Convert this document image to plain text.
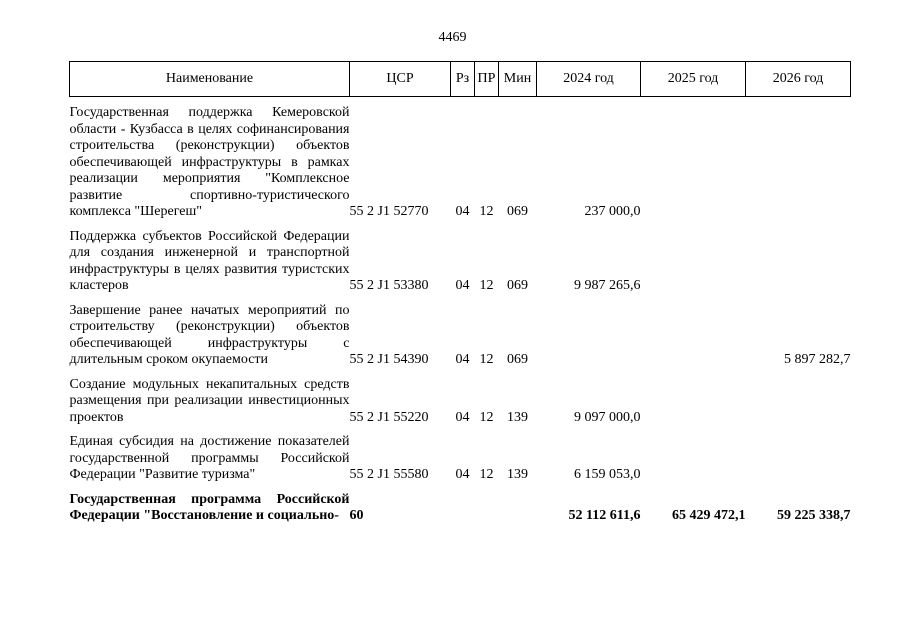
4469
Наименование	ЦСР	Рз	ПР	Мин	2024 год	2025 год	2026 год

Государственная поддержка Кемеровской области - Кузбасса в целях софинансирования строительства (реконструкции) объектов обеспечивающей инфраструктуры в рамках реализации мероприятия "Комплексное развитие спортивно-туристического комплекса "Шерегеш"	55 2 J1 52770	04	12	069	237 000,0		

Поддержка субъектов Российской Федерации для создания инженерной и транспортной инфраструктуры в целях развития туристских кластеров	55 2 J1 53380	04	12	069	9 987 265,6		

Завершение ранее начатых мероприятий по строительству (реконструкции) объектов обеспечивающей инфраструктуры с длительным сроком окупаемости	55 2 J1 54390	04	12	069			5 897 282,7

Создание модульных некапитальных средств размещения при реализации инвестиционных проектов	55 2 J1 55220	04	12	139	9 097 000,0		

Единая субсидия на достижение показателей государственной программы Российской Федерации "Развитие туризма"	55 2 J1 55580	04	12	139	6 159 053,0		

Государственная программа Российской Федерации "Восстановление и социально-	60				52 112 611,6	65 429 472,1	59 225 338,7
